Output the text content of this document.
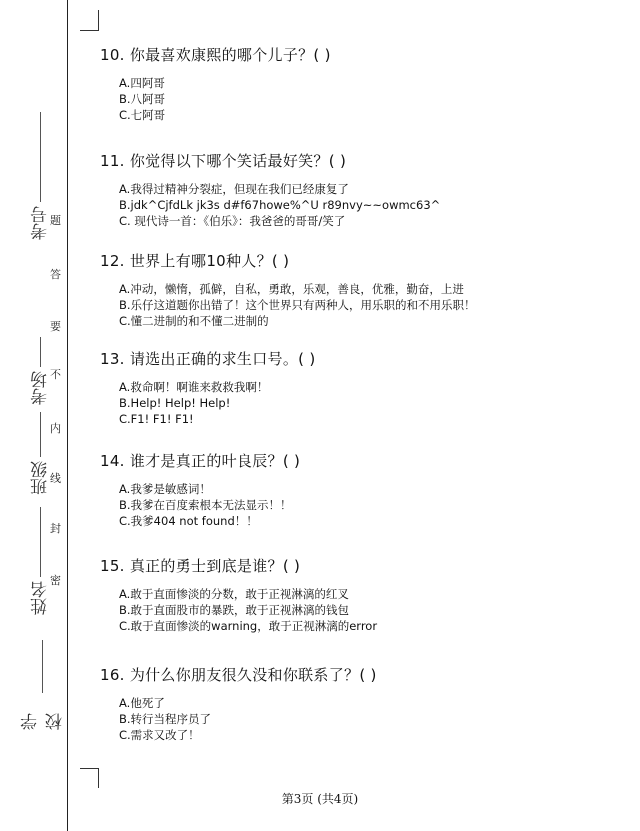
学校
姓名
班级
考场
考号 题
答
要
不
内
线
封
密
10. 你最喜欢康熙的哪个儿子？( )
A.四阿哥
B.八阿哥
C.七阿哥
11. 你觉得以下哪个笑话最好笑？( )
A.我得过精神分裂症，但现在我们已经康复了
B.jdk^CjfdLk jk3s d#f67howe%^U r89nvy~~owmc63^
C. 现代诗一首：《伯乐》：我爸爸的哥哥/笑了
12. 世界上有哪10种人？( )
A.冲动，懒惰，孤僻，自私，勇敢，乐观，善良，优雅，勤奋，上进
B.乐仔这道题你出错了！这个世界只有两种人，用乐职的和不用乐职！
C.懂二进制的和不懂二进制的
13. 请选出正确的求生口号。( )
A.救命啊！啊谁来救救我啊！
B.Help! Help! Help!
C.F1! F1! F1!
14. 谁才是真正的叶良辰？( )
A.我爹是敏感词！
B.我爹在百度索根本无法显示！！
C.我爹404 not found！！
15. 真正的勇士到底是谁？( )
A.敢于直面惨淡的分数，敢于正视淋漓的红叉
B.敢于直面股市的暴跌，敢于正视淋漓的钱包
C.敢于直面惨淡的warning，敢于正视淋漓的error
16. 为什么你朋友很久没和你联系了？( )
A.他死了
B.转行当程序员了
C.需求又改了！
第3页 (共4页)
